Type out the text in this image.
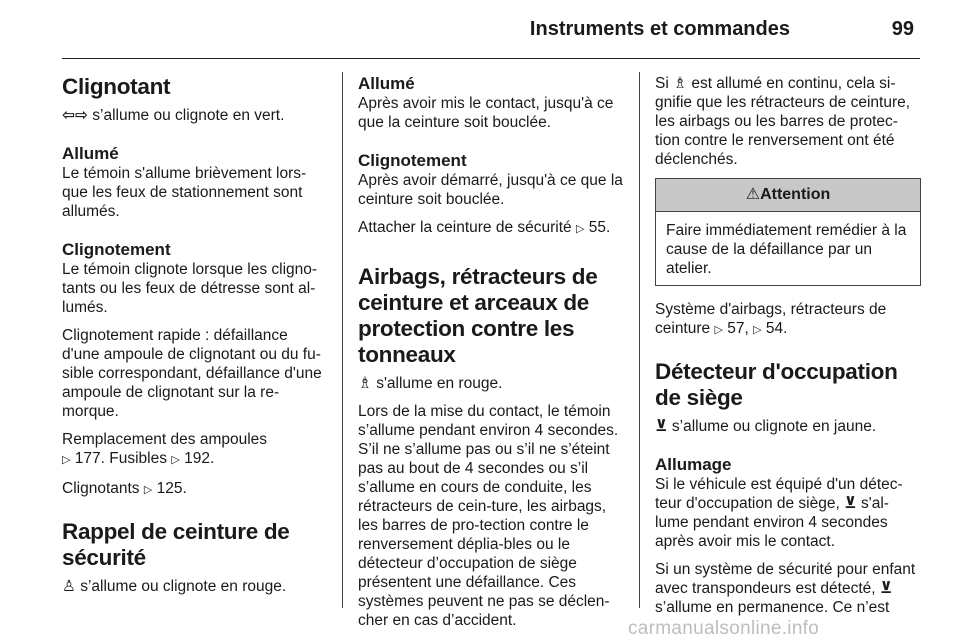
Instruments et commandes	99
Clignotant
⇦⇨ s’allume ou clignote en vert.
Allumé
Le témoin s'allume brièvement lors-que les feux de stationnement sont allumés.
Clignotement
Le témoin clignote lorsque les cligno-tants ou les feux de détresse sont al-lumés.
Clignotement rapide : défaillance d'une ampoule de clignotant ou du fu-sible correspondant, défaillance d'une ampoule de clignotant sur la re-morque.
Remplacement des ampoules
▷ 177. Fusibles ▷ 192.
Clignotants ▷ 125.
Rappel de ceinture de sécurité
♙ s’allume ou clignote en rouge.
Allumé
Après avoir mis le contact, jusqu'à ce que la ceinture soit bouclée.
Clignotement
Après avoir démarré, jusqu'à ce que la ceinture soit bouclée.
Attacher la ceinture de sécurité ▷ 55.
Airbags, rétracteurs de ceinture et arceaux de protection contre les tonneaux
♗ s'allume en rouge.
Lors de la mise du contact, le témoin s’allume pendant environ 4 secondes. S’il ne s’allume pas ou s’il ne s’éteint pas au bout de 4 secondes ou s’il s’allume en cours de conduite, les rétracteurs de cein-ture, les airbags, les barres de pro-tection contre le renversement déplia-bles ou le détecteur d’occupation de siège présentent une défaillance. Ces systèmes peuvent ne pas se déclen-cher en cas d’accident.
Si ♗ est allumé en continu, cela si-gnifie que les rétracteurs de ceinture, les airbags ou les barres de protec-tion contre le renversement ont été déclenchés.
⚠Attention
Faire immédiatement remédier à la cause de la défaillance par un atelier.
Système d'airbags, rétracteurs de ceinture ▷ 57, ▷ 54.
Détecteur d'occupation de siège
⊻ s’allume ou clignote en jaune.
Allumage
Si le véhicule est équipé d'un détec-teur d'occupation de siège, ⊻ s'al-lume pendant environ 4 secondes après avoir mis le contact.
Si un système de sécurité pour enfant avec transpondeurs est détecté, ⊻ s’allume en permanence. Ce n’est
carmanualsonline.info
